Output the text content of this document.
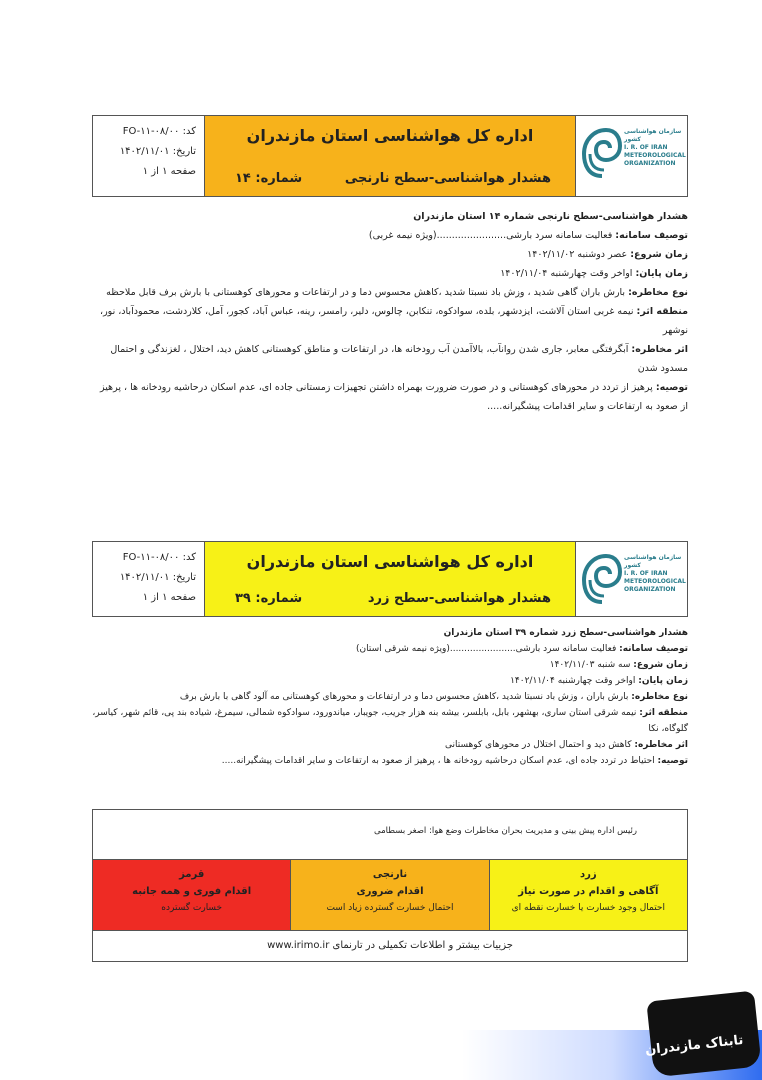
کد: FO-۱۱-۰۸/۰۰
تاریخ: ۱۴۰۲/۱۱/۰۱
صفحه ۱ از ۱
اداره کل هواشناسی استان مازندران
هشدار هواشناسی-سطح نارنجی
شماره: ۱۴
سازمان هواشناسی کشور
I. R. OF IRAN
METEOROLOGICAL
ORGANIZATION

هشدار هواشناسی-سطح نارنجی شماره ۱۴ استان مازندران

توصیف سامانه: فعالیت سامانه سرد بارشی.......................(ویژه نیمه غربی)

زمان شروع: عصر دوشنبه ۱۴۰۲/۱۱/۰۲

زمان پایان: اواخر وقت چهارشنبه ۱۴۰۲/۱۱/۰۴

نوع مخاطره: بارش باران گاهی شدید ، وزش باد نسبتا شدید ،کاهش محسوس دما و در ارتفاعات و محورهای کوهستانی با بارش برف قابل ملاحظه

منطقه اثر: نیمه غربی استان آلاشت، ایزدشهر، بلده، سوادکوه، تنکابن، چالوس، دلیر، رامسر، رینه، عباس آباد، کجور، آمل، کلاردشت، محمودآباد، نور، نوشهر

اثر مخاطره: آبگرفتگی معابر، جاری شدن روانآب، بالاآمدن آب رودخانه ها، در ارتفاعات و مناطق کوهستانی کاهش دید، اختلال ، لغزندگی و احتمال مسدود شدن

توصیه: پرهیز از تردد در محورهای کوهستانی و در صورت ضرورت بهمراه داشتن تجهیزات زمستانی جاده ای، عدم اسکان درحاشیه رودخانه ها ، پرهیز از صعود به ارتفاعات و سایر اقدامات پیشگیرانه.....

کد: FO-۱۱-۰۸/۰۰
تاریخ: ۱۴۰۲/۱۱/۰۱
صفحه ۱ از ۱
اداره کل هواشناسی استان مازندران
هشدار هواشناسی-سطح زرد
شماره: ۳۹
سازمان هواشناسی کشور
I. R. OF IRAN
METEOROLOGICAL
ORGANIZATION

هشدار هواشناسی-سطح زرد شماره ۳۹ استان مازندران

توصیف سامانه: فعالیت سامانه سرد بارشی.......................(ویژه نیمه شرقی استان)

زمان شروع: سه شنبه ۱۴۰۲/۱۱/۰۳

زمان پایان: اواخر وقت چهارشنبه ۱۴۰۲/۱۱/۰۴

نوع مخاطره: بارش باران ، وزش باد نسبتا شدید ،کاهش محسوس دما و در ارتفاعات و محورهای کوهستانی مه آلود گاهی با بارش برف

منطقه اثر: نیمه شرقی استان ساری، بهشهر، بابل، بابلسر، بیشه بنه هزار جریب، جویبار، میاندورود، سوادکوه شمالی، سیمرغ، شیاده بند پی، قائم شهر، کیاسر، گلوگاه، نکا

اثر مخاطره: کاهش دید و احتمال اختلال در محورهای کوهستانی

توصیه: احتیاط در تردد جاده ای، عدم اسکان درحاشیه رودخانه ها ، پرهیز از صعود به ارتفاعات و سایر اقدامات پیشگیرانه.....

رئیس اداره پیش بینی و مدیریت بحران مخاطرات وضع هوا: اصغر بسطامی
قرمز
اقدام فوری و همه جانبه
خسارت گسترده
نارنجی
اقدام ضروری
احتمال خسارت گسترده زیاد است
زرد
آگاهی و اقدام در صورت نیاز
احتمال وجود خسارت یا خسارت نقطه ای
جزییات بیشتر و اطلاعات تکمیلی در تارنمای www.irimo.ir
تابناک مازندران
